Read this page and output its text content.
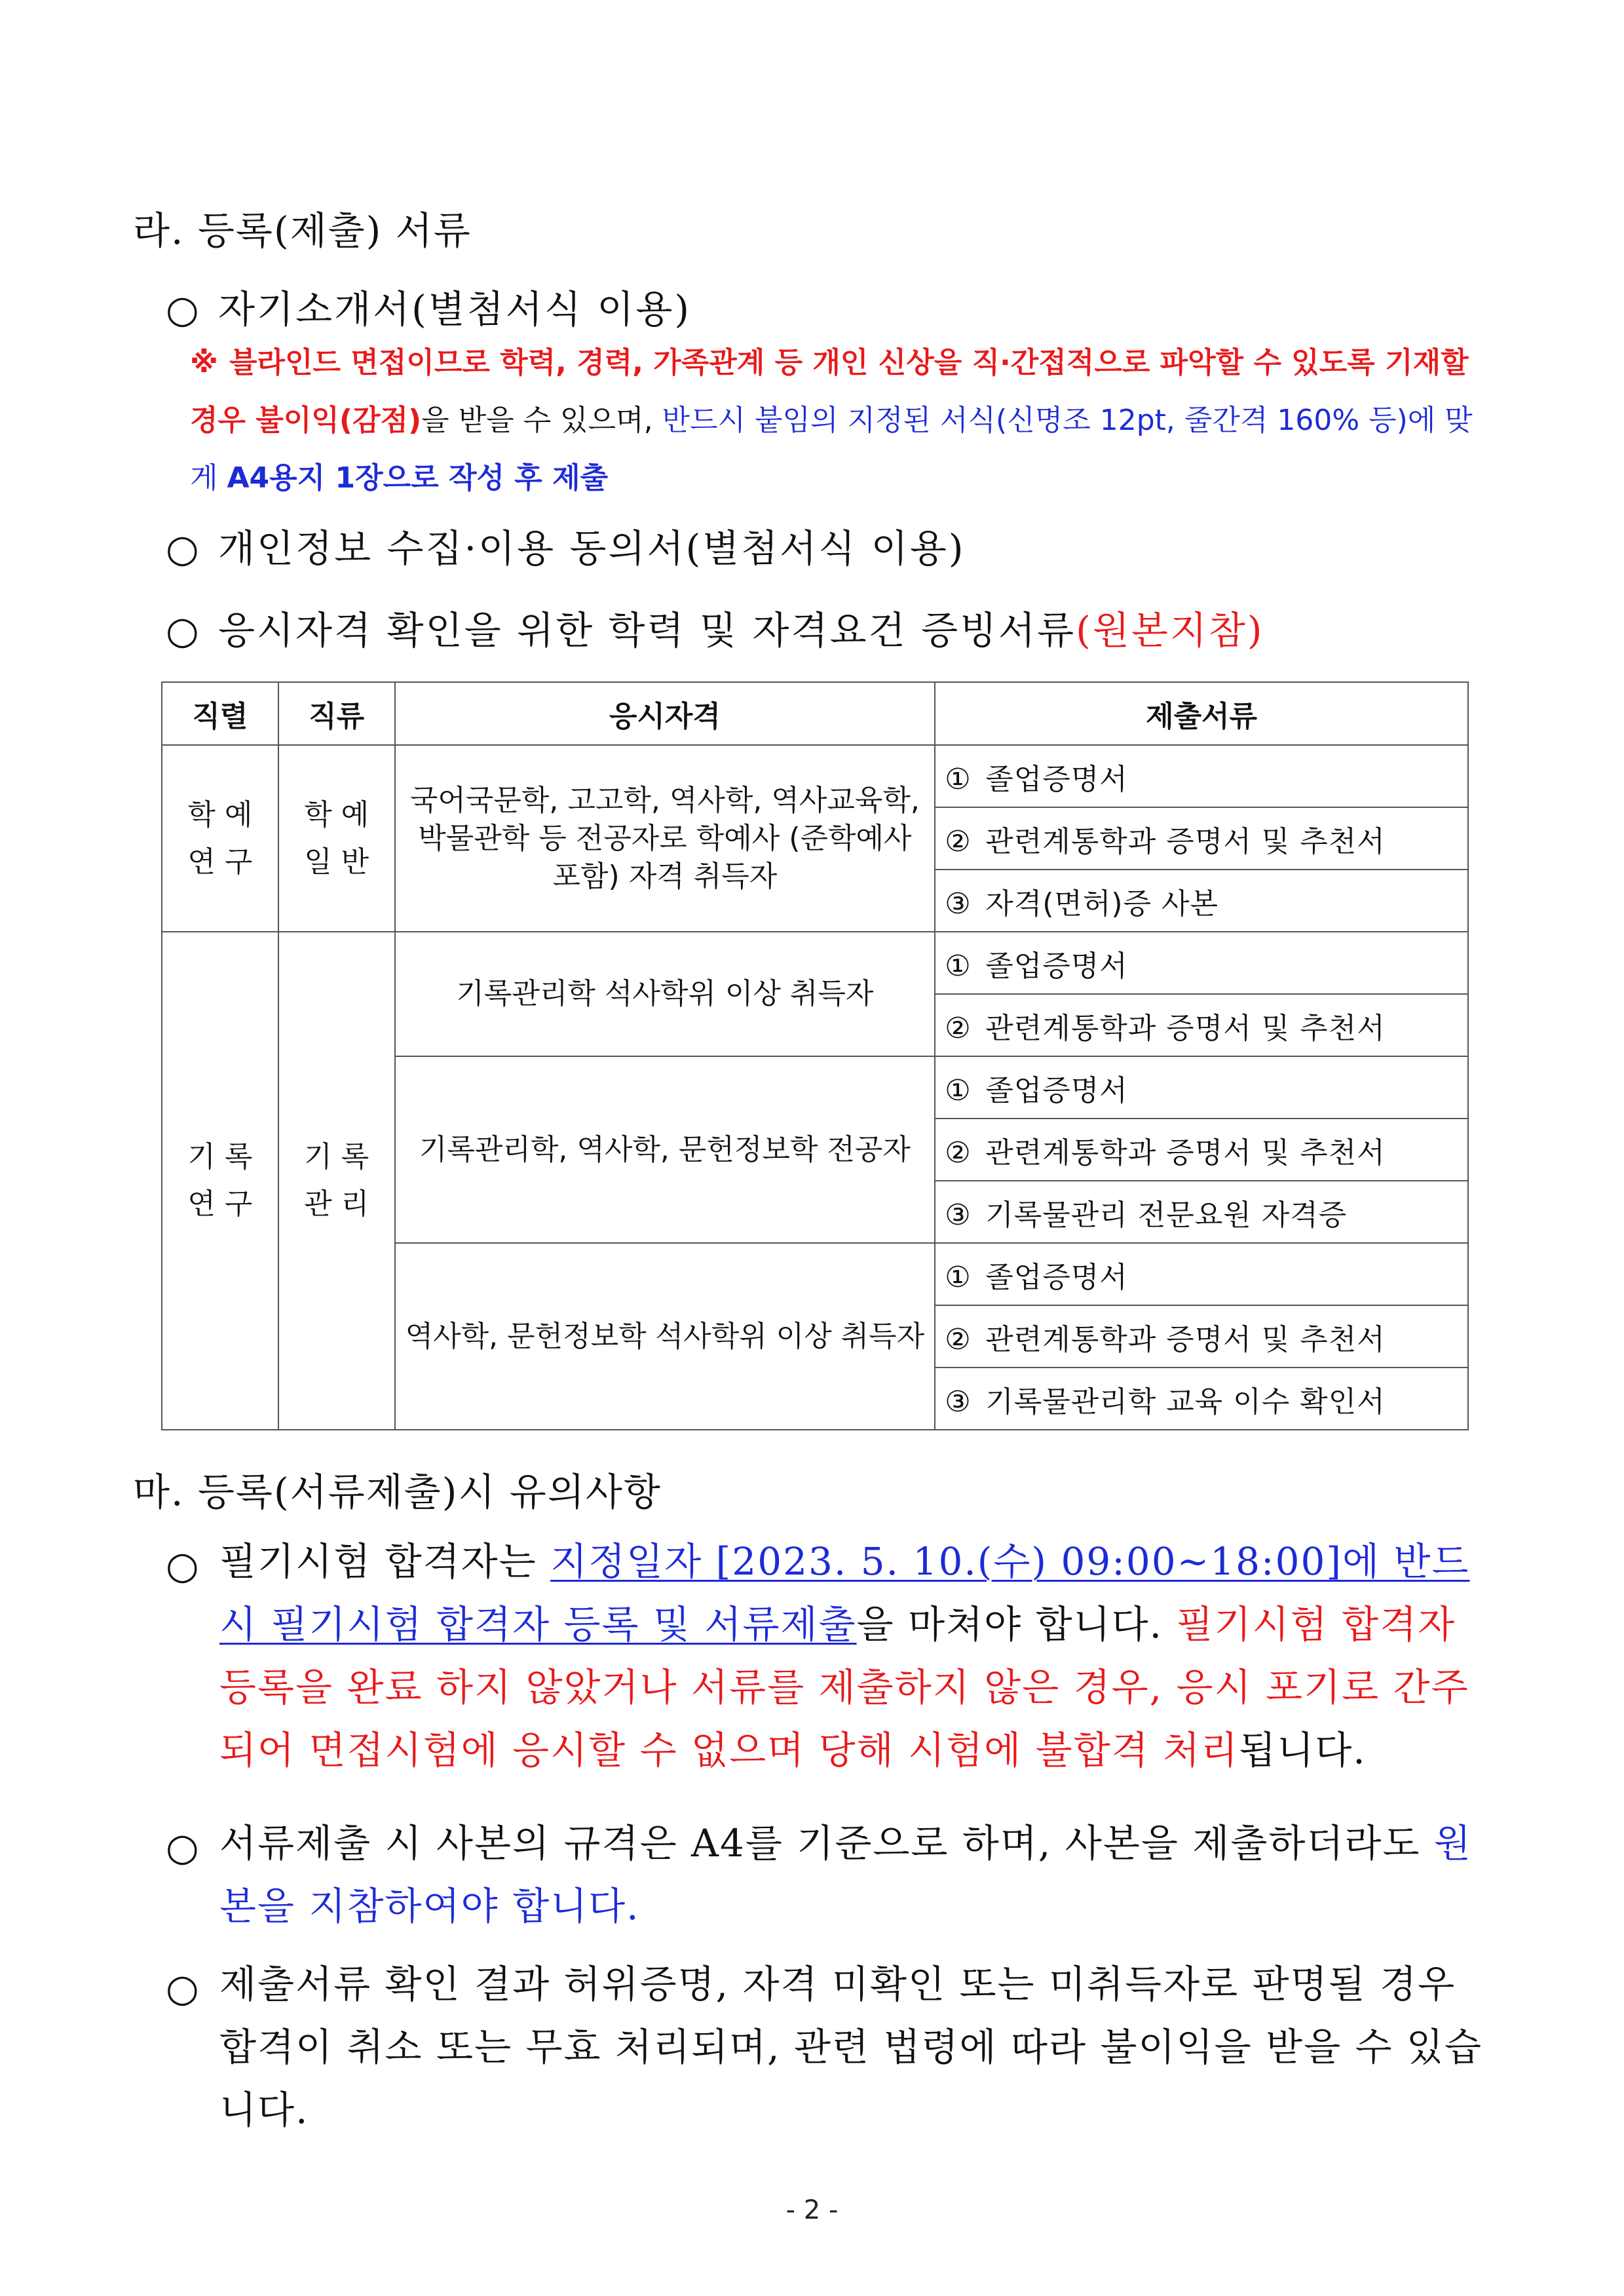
라. 등록(제출) 서류
○ 자기소개서(별첨서식 이용)
※ 블라인드 면접이므로 학력, 경력, 가족관계 등 개인 신상을 직·간접적으로 파악할 수 있도록 기재할 경우 불이익(감점)을 받을 수 있으며, 반드시 붙임의 지정된 서식(신명조 12pt, 줄간격 160% 등)에 맞게 A4용지 1장으로 작성 후 제출
○ 개인정보 수집·이용 동의서(별첨서식 이용)
○ 응시자격 확인을 위한 학력 및 자격요건 증빙서류(원본지참)
직렬	직류	응시자격	제출서류
학 예 연 구	학 예 일 반	국어국문학, 고고학, 역사학, 역사교육학, 박물관학 등 전공자로 학예사 (준학예사 포함) 자격 취득자	① 졸업증명서
			② 관련계통학과 증명서 및 추천서
			③ 자격(면허)증 사본
기 록 연 구	기 록 관 리	기록관리학 석사학위 이상 취득자	① 졸업증명서
			② 관련계통학과 증명서 및 추천서
		기록관리학, 역사학, 문헌정보학 전공자	① 졸업증명서
			② 관련계통학과 증명서 및 추천서
			③ 기록물관리 전문요원 자격증
		역사학, 문헌정보학 석사학위 이상 취득자	① 졸업증명서
			② 관련계통학과 증명서 및 추천서
			③ 기록물관리학 교육 이수 확인서
마. 등록(서류제출)시 유의사항
○ 필기시험 합격자는 지정일자 [2023. 5. 10.(수) 09:00~18:00]에 반드시 필기시험 합격자 등록 및 서류제출을 마쳐야 합니다. 필기시험 합격자 등록을 완료 하지 않았거나 서류를 제출하지 않은 경우, 응시 포기로 간주되어 면접시험에 응시할 수 없으며 당해 시험에 불합격 처리됩니다.
○ 서류제출 시 사본의 규격은 A4를 기준으로 하며, 사본을 제출하더라도 원본을 지참하여야 합니다.
○ 제출서류 확인 결과 허위증명, 자격 미확인 또는 미취득자로 판명될 경우 합격이 취소 또는 무효 처리되며, 관련 법령에 따라 불이익을 받을 수 있습니다.
- 2 -
